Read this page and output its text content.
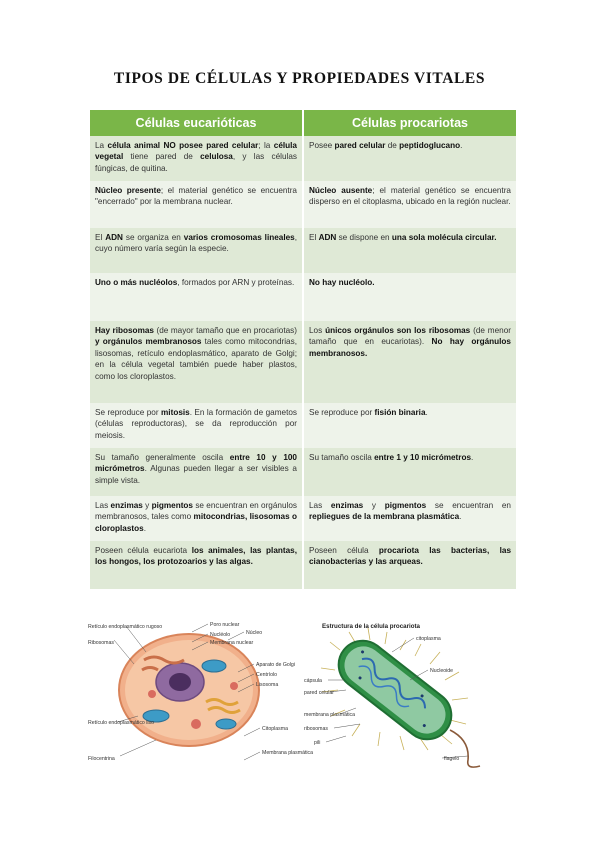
TIPOS DE CÉLULAS Y PROPIEDADES VITALES
Células eucarióticas	Células procariotas
La célula animal NO posee pared celular; la célula vegetal tiene pared de celulosa, y las células fúngicas, de quitina.	Posee pared celular de peptidoglucano.
Núcleo presente; el material genético se encuentra "encerrado" por la membrana nuclear.	Núcleo ausente; el material genético se encuentra disperso en el citoplasma, ubicado en la región nuclear.
El ADN se organiza en varios cromosomas lineales, cuyo número varía según la especie.	El ADN se dispone en una sola molécula circular.
Uno o más nucléolos, formados por ARN y proteínas.	No hay nucléolo.
Hay ribosomas (de mayor tamaño que en procariotas) y orgánulos membranosos tales como mitocondrias, lisosomas, retículo endoplasmático, aparato de Golgi; en la célula vegetal también puede haber plastos, como los cloroplastos.	Los únicos orgánulos son los ribosomas (de menor tamaño que en eucariotas). No hay orgánulos membranosos.
Se reproduce por mitosis. En la formación de gametos (células reproductoras), se da reproducción por meiosis.	Se reproduce por fisión binaria.
Su tamaño generalmente oscila entre 10 y 100 micrómetros. Algunas pueden llegar a ser visibles a simple vista.	Su tamaño oscila entre 1 y 10 micrómetros.
Las enzimas y pigmentos se encuentran en orgánulos membranosos, tales como mitocondrias, lisosomas o cloroplastos.	Las enzimas y pigmentos se encuentran en repliegues de la membrana plasmática.
Poseen célula eucariota los animales, las plantas, los hongos, los protozoarios y las algas.	Poseen célula procariota las bacterias, las cianobacterias y las arqueas.
Retículo endoplasmático rugoso
Ribosomas
Retículo endoplasmático liso
Filocentrina
Poro nuclear
Nucléolo
Membrana nuclear
Núcleo
Aparato de Golgi
Centríolo
Lisosoma
Citoplasma
Membrana plasmática
Estructura de la célula procariota
citoplasma
Nucleoide
cápsula
pared celular
membrana plasmática
ribosomas
pili
flagelo
